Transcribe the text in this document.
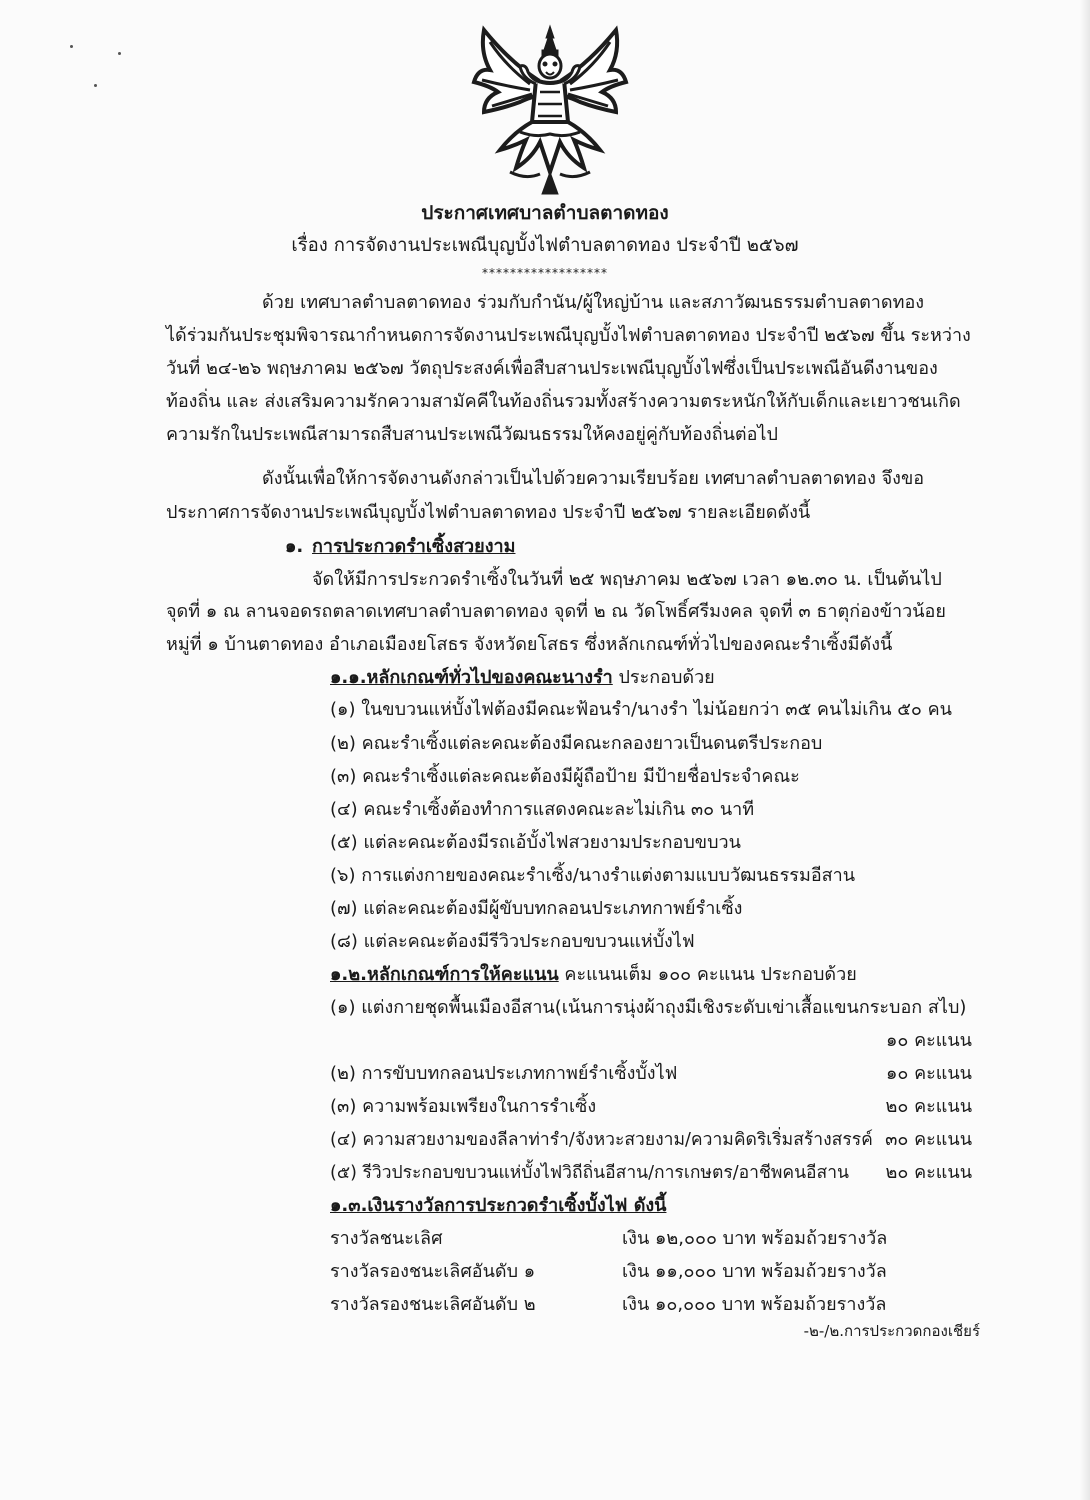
ประกาศเทศบาลตำบลตาดทอง
เรื่อง การจัดงานประเพณีบุญบั้งไฟตำบลตาดทอง ประจำปี ๒๕๖๗
******************
ด้วย เทศบาลตำบลตาดทอง ร่วมกับกำนัน/ผู้ใหญ่บ้าน และสภาวัฒนธรรมตำบลตาดทอง
ได้ร่วมกันประชุมพิจารณากำหนดการจัดงานประเพณีบุญบั้งไฟตำบลตาดทอง ประจำปี ๒๕๖๗ ขึ้น ระหว่าง
วันที่ ๒๔-๒๖ พฤษภาคม ๒๕๖๗ วัตถุประสงค์เพื่อสืบสานประเพณีบุญบั้งไฟซึ่งเป็นประเพณีอันดีงานของ
ท้องถิ่น และ ส่งเสริมความรักความสามัคคีในท้องถิ่นรวมทั้งสร้างความตระหนักให้กับเด็กและเยาวชนเกิด
ความรักในประเพณีสามารถสืบสานประเพณีวัฒนธรรมให้คงอยู่คู่กับท้องถิ่นต่อไป
ดังนั้นเพื่อให้การจัดงานดังกล่าวเป็นไปด้วยความเรียบร้อย เทศบาลตำบลตาดทอง จึงขอ
ประกาศการจัดงานประเพณีบุญบั้งไฟตำบลตาดทอง ประจำปี ๒๕๖๗ รายละเอียดดังนี้
๑. การประกวดรำเซิ้งสวยงาม
จัดให้มีการประกวดรำเซิ้งในวันที่ ๒๕ พฤษภาคม ๒๕๖๗ เวลา ๑๒.๓๐ น. เป็นต้นไป
จุดที่ ๑ ณ ลานจอดรถตลาดเทศบาลตำบลตาดทอง จุดที่ ๒ ณ วัดโพธิ์ศรีมงคล จุดที่ ๓ ธาตุก่องข้าวน้อย
หมู่ที่ ๑ บ้านตาดทอง อำเภอเมืองยโสธร จังหวัดยโสธร ซึ่งหลักเกณฑ์ทั่วไปของคณะรำเซิ้งมีดังนี้
๑.๑.หลักเกณฑ์ทั่วไปของคณะนางรำ ประกอบด้วย
(๑) ในขบวนแห่บั้งไฟต้องมีคณะฟ้อนรำ/นางรำ ไม่น้อยกว่า ๓๕ คนไม่เกิน ๕๐ คน
(๒) คณะรำเซิ้งแต่ละคณะต้องมีคณะกลองยาวเป็นดนตรีประกอบ
(๓) คณะรำเซิ้งแต่ละคณะต้องมีผู้ถือป้าย มีป้ายชื่อประจำคณะ
(๔) คณะรำเซิ้งต้องทำการแสดงคณะละไม่เกิน ๓๐ นาที
(๕) แต่ละคณะต้องมีรถเอ้บั้งไฟสวยงามประกอบขบวน
(๖) การแต่งกายของคณะรำเซิ้ง/นางรำแต่งตามแบบวัฒนธรรมอีสาน
(๗) แต่ละคณะต้องมีผู้ขับบทกลอนประเภทกาพย์รำเซิ้ง
(๘) แต่ละคณะต้องมีรีวิวประกอบขบวนแห่บั้งไฟ
๑.๒.หลักเกณฑ์การให้คะแนน คะแนนเต็ม ๑๐๐ คะแนน ประกอบด้วย
(๑) แต่งกายชุดพื้นเมืองอีสาน(เน้นการนุ่งผ้าถุงมีเชิงระดับเข่าเสื้อแขนกระบอก สไบ)
๑๐ คะแนน
(๒) การขับบทกลอนประเภทกาพย์รำเซิ้งบั้งไฟ	๑๐ คะแนน
(๓) ความพร้อมเพรียงในการรำเซิ้ง	๒๐ คะแนน
(๔) ความสวยงามของลีลาท่ารำ/จังหวะสวยงาม/ความคิดริเริ่มสร้างสรรค์ ๓๐ คะแนน
(๕) รีวิวประกอบขบวนแห่บั้งไฟวิถีถิ่นอีสาน/การเกษตร/อาชีพคนอีสาน	๒๐ คะแนน
๑.๓.เงินรางวัลการประกวดรำเซิ้งบั้งไฟ ดังนี้
รางวัลชนะเลิศ	เงิน ๑๒,๐๐๐ บาท พร้อมถ้วยรางวัล
รางวัลรองชนะเลิศอันดับ ๑	เงิน ๑๑,๐๐๐ บาท พร้อมถ้วยรางวัล
รางวัลรองชนะเลิศอันดับ ๒	เงิน ๑๐,๐๐๐ บาท พร้อมถ้วยรางวัล
-๒-/๒.การประกวดกองเชียร์
